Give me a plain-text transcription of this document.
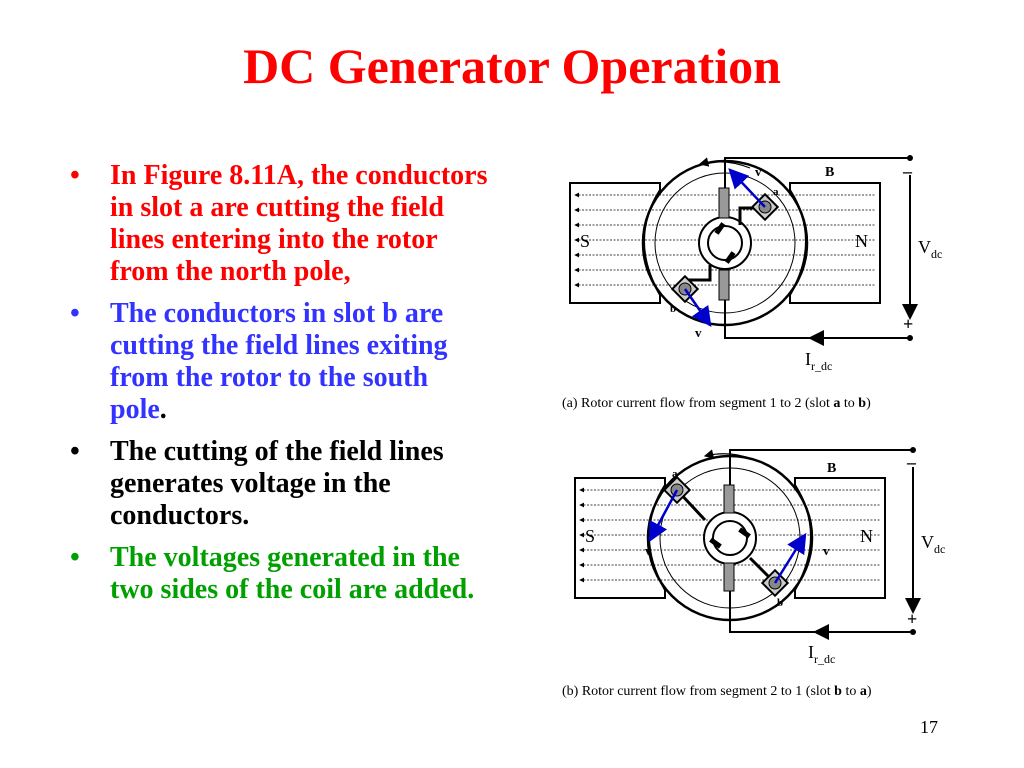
DC Generator Operation
• In Figure 8.11A, the conductors in slot a are cutting the field lines entering into the rotor from the north pole,
• The conductors in slot b are cutting the field lines exiting from the rotor to the south pole.
• The cutting of the field lines generates voltage in the conductors.
• The voltages generated in the two sides of the coil are added.
S	N
B
v
v
a
b
–
+
$V_{dc}$
$I_{r\_dc}$
(a) Rotor current flow from segment 1 to 2 (slot a to b)
S	N
B
v	v
a
b
–
+
$V_{dc}$
$I_{r\_dc}$
(b) Rotor current flow from segment 2 to 1 (slot b to a)
17
